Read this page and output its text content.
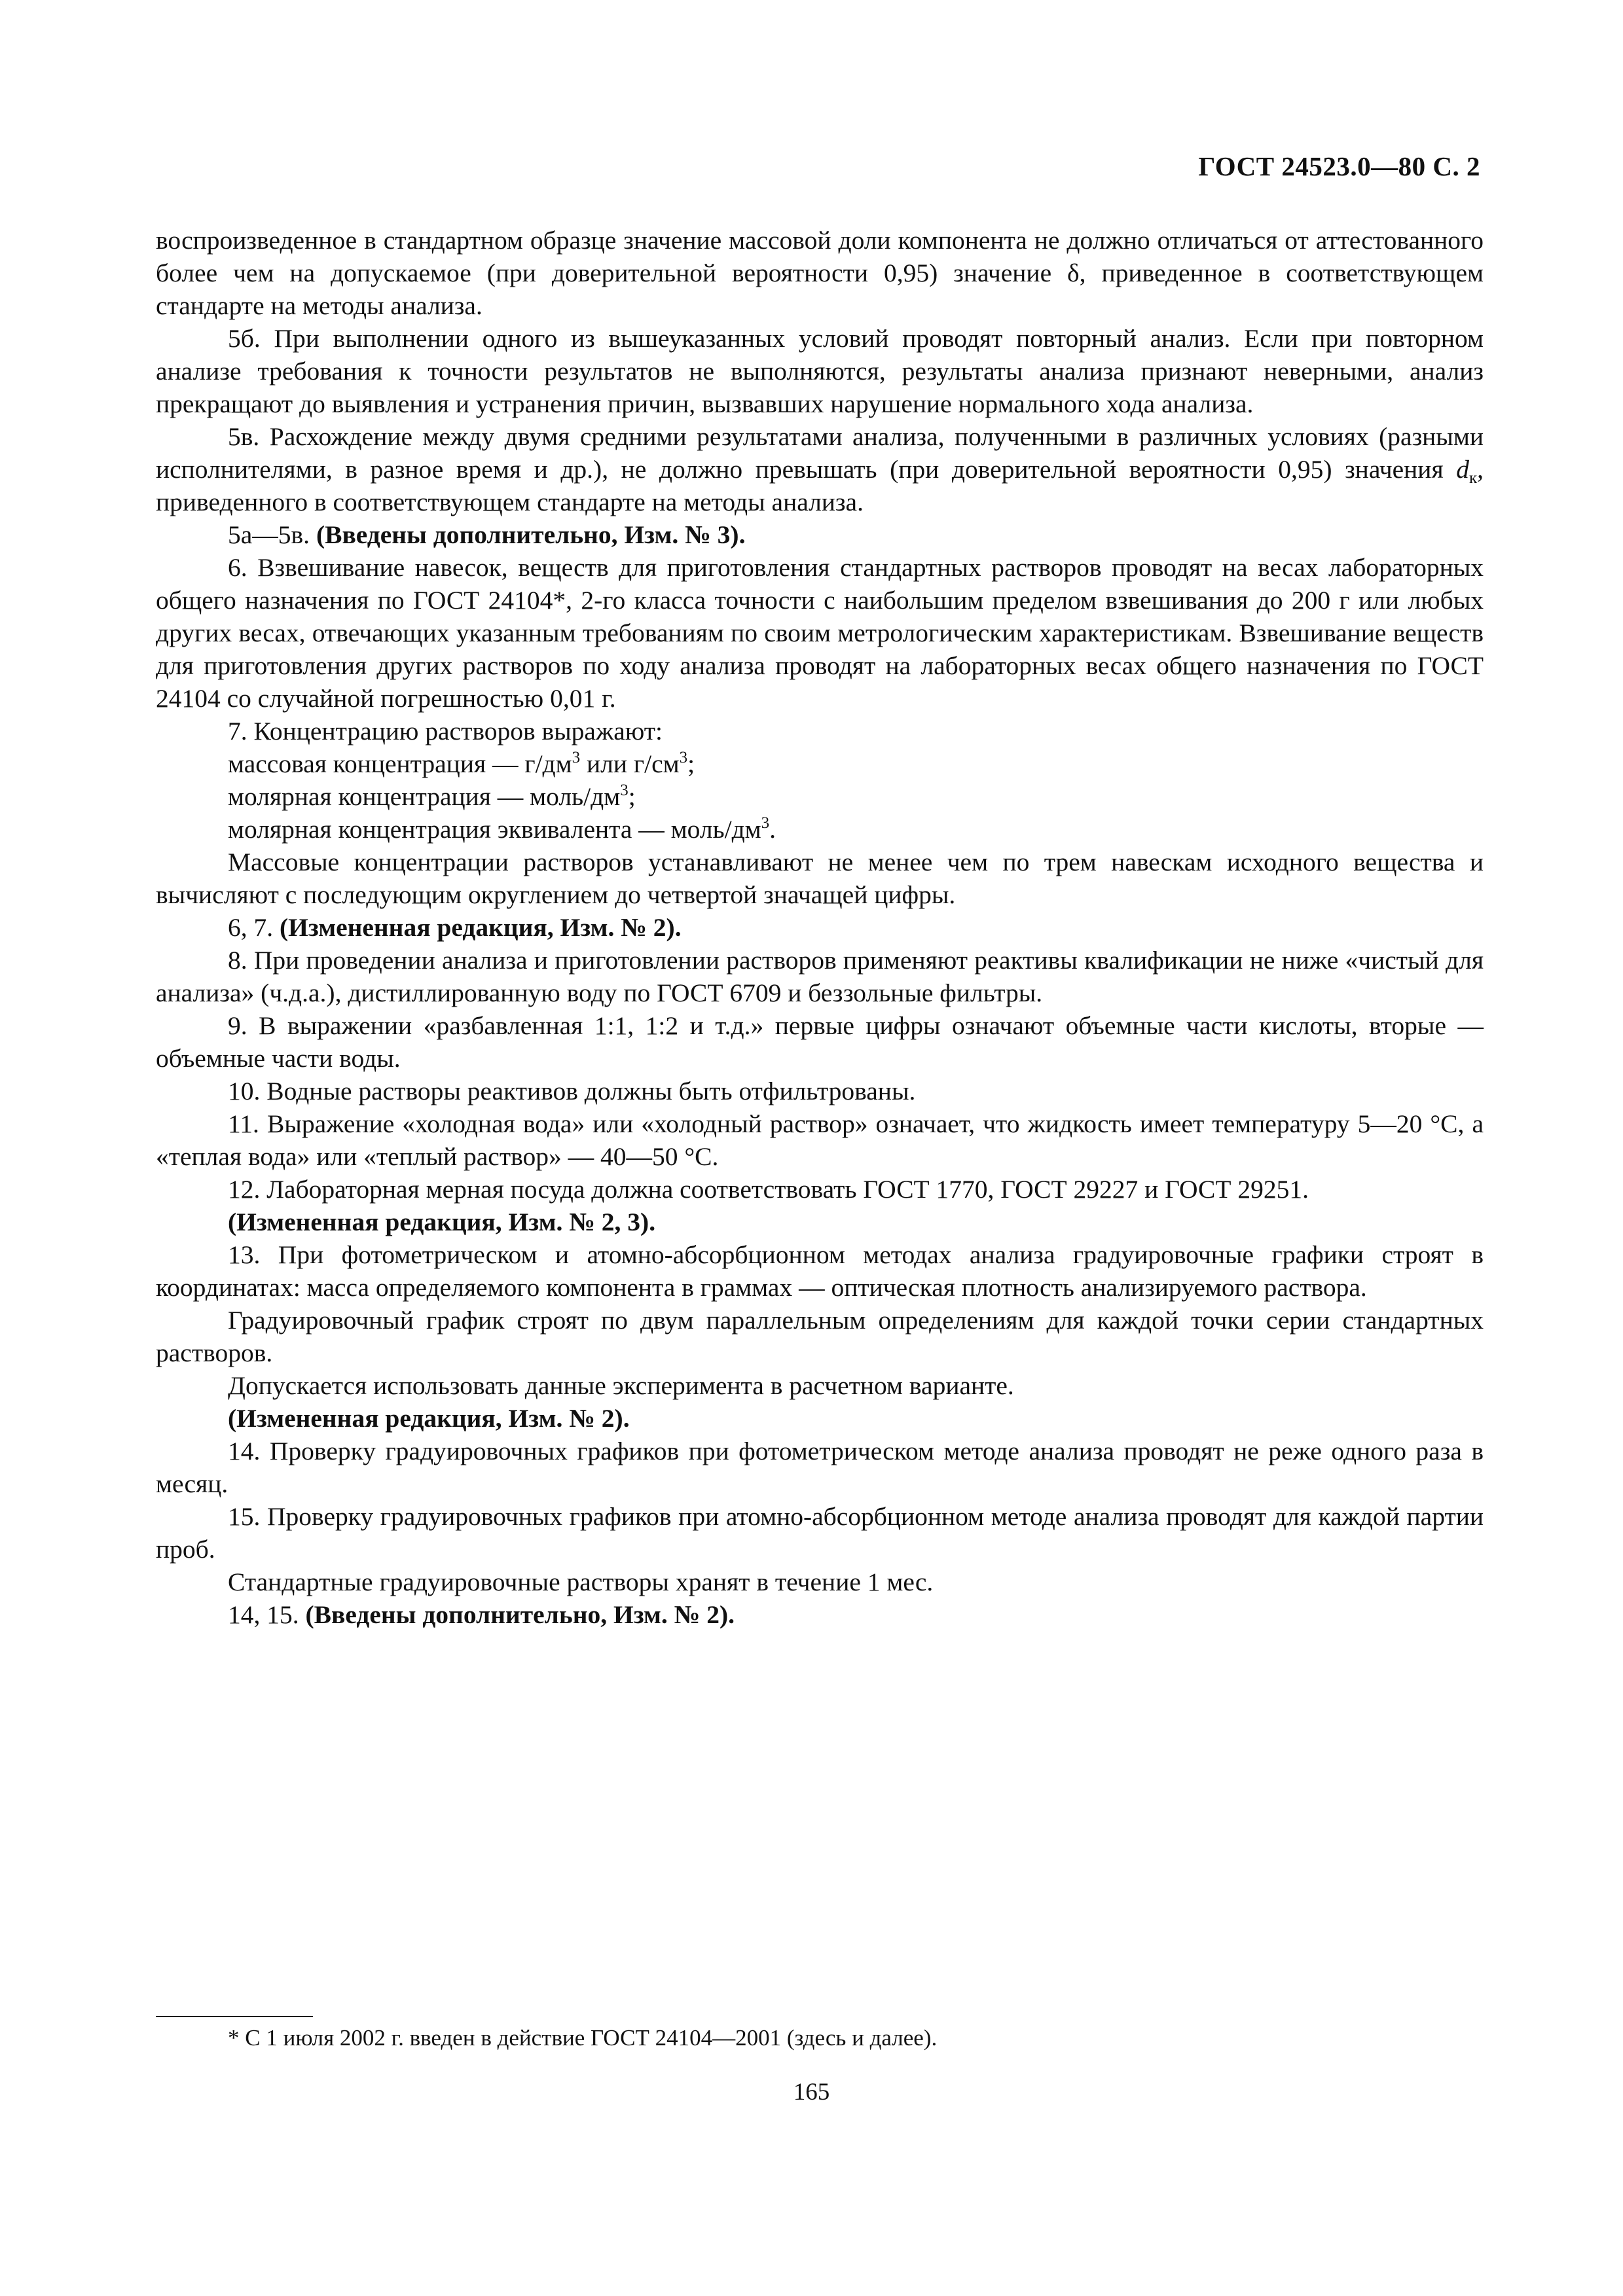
ГОСТ 24523.0—80 С. 2

воспроизведенное в стандартном образце значение массовой доли компонента не должно отличаться от аттестованного более чем на допускаемое (при доверительной вероятности 0,95) значение δ, приведенное в соответствующем стандарте на методы анализа.

5б. При выполнении одного из вышеуказанных условий проводят повторный анализ. Если при повторном анализе требования к точности результатов не выполняются, результаты анализа признают неверными, анализ прекращают до выявления и устранения причин, вызвавших нарушение нормального хода анализа.

5в. Расхождение между двумя средними результатами анализа, полученными в различных условиях (разными исполнителями, в разное время и др.), не должно превышать (при доверительной вероятности 0,95) значения $d_к$, приведенного в соответствующем стандарте на методы анализа.

5а—5в. (Введены дополнительно, Изм. № 3).

6. Взвешивание навесок, веществ для приготовления стандартных растворов проводят на весах лабораторных общего назначения по ГОСТ 24104*, 2-го класса точности с наибольшим пределом взвешивания до 200 г или любых других весах, отвечающих указанным требованиям по своим метрологическим характеристикам. Взвешивание веществ для приготовления других растворов по ходу анализа проводят на лабораторных весах общего назначения по ГОСТ 24104 со случайной погрешностью 0,01 г.

7. Концентрацию растворов выражают:

массовая концентрация — $г/дм^3$ или $г/см^3$;

молярная концентрация — моль/$дм^3$;

молярная концентрация эквивалента — моль/$дм^3$.

Массовые концентрации растворов устанавливают не менее чем по трем навескам исходного вещества и вычисляют с последующим округлением до четвертой значащей цифры.

6, 7. (Измененная редакция, Изм. № 2).

8. При проведении анализа и приготовлении растворов применяют реактивы квалификации не ниже «чистый для анализа» (ч.д.а.), дистиллированную воду по ГОСТ 6709 и беззольные фильтры.

9. В выражении «разбавленная 1:1, 1:2 и т.д.» первые цифры означают объемные части кислоты, вторые — объемные части воды.

10. Водные растворы реактивов должны быть отфильтрованы.

11. Выражение «холодная вода» или «холодный раствор» означает, что жидкость имеет температуру 5—20 °С, а «теплая вода» или «теплый раствор» — 40—50 °С.

12. Лабораторная мерная посуда должна соответствовать ГОСТ 1770, ГОСТ 29227 и ГОСТ 29251.

(Измененная редакция, Изм. № 2, 3).

13. При фотометрическом и атомно-абсорбционном методах анализа градуировочные графики строят в координатах: масса определяемого компонента в граммах — оптическая плотность анализируемого раствора.

Градуировочный график строят по двум параллельным определениям для каждой точки серии стандартных растворов.

Допускается использовать данные эксперимента в расчетном варианте.

(Измененная редакция, Изм. № 2).

14. Проверку градуировочных графиков при фотометрическом методе анализа проводят не реже одного раза в месяц.

15. Проверку градуировочных графиков при атомно-абсорбционном методе анализа проводят для каждой партии проб.

Стандартные градуировочные растворы хранят в течение 1 мес.

14, 15. (Введены дополнительно, Изм. № 2).

* С 1 июля 2002 г. введен в действие ГОСТ 24104—2001 (здесь и далее).
165
